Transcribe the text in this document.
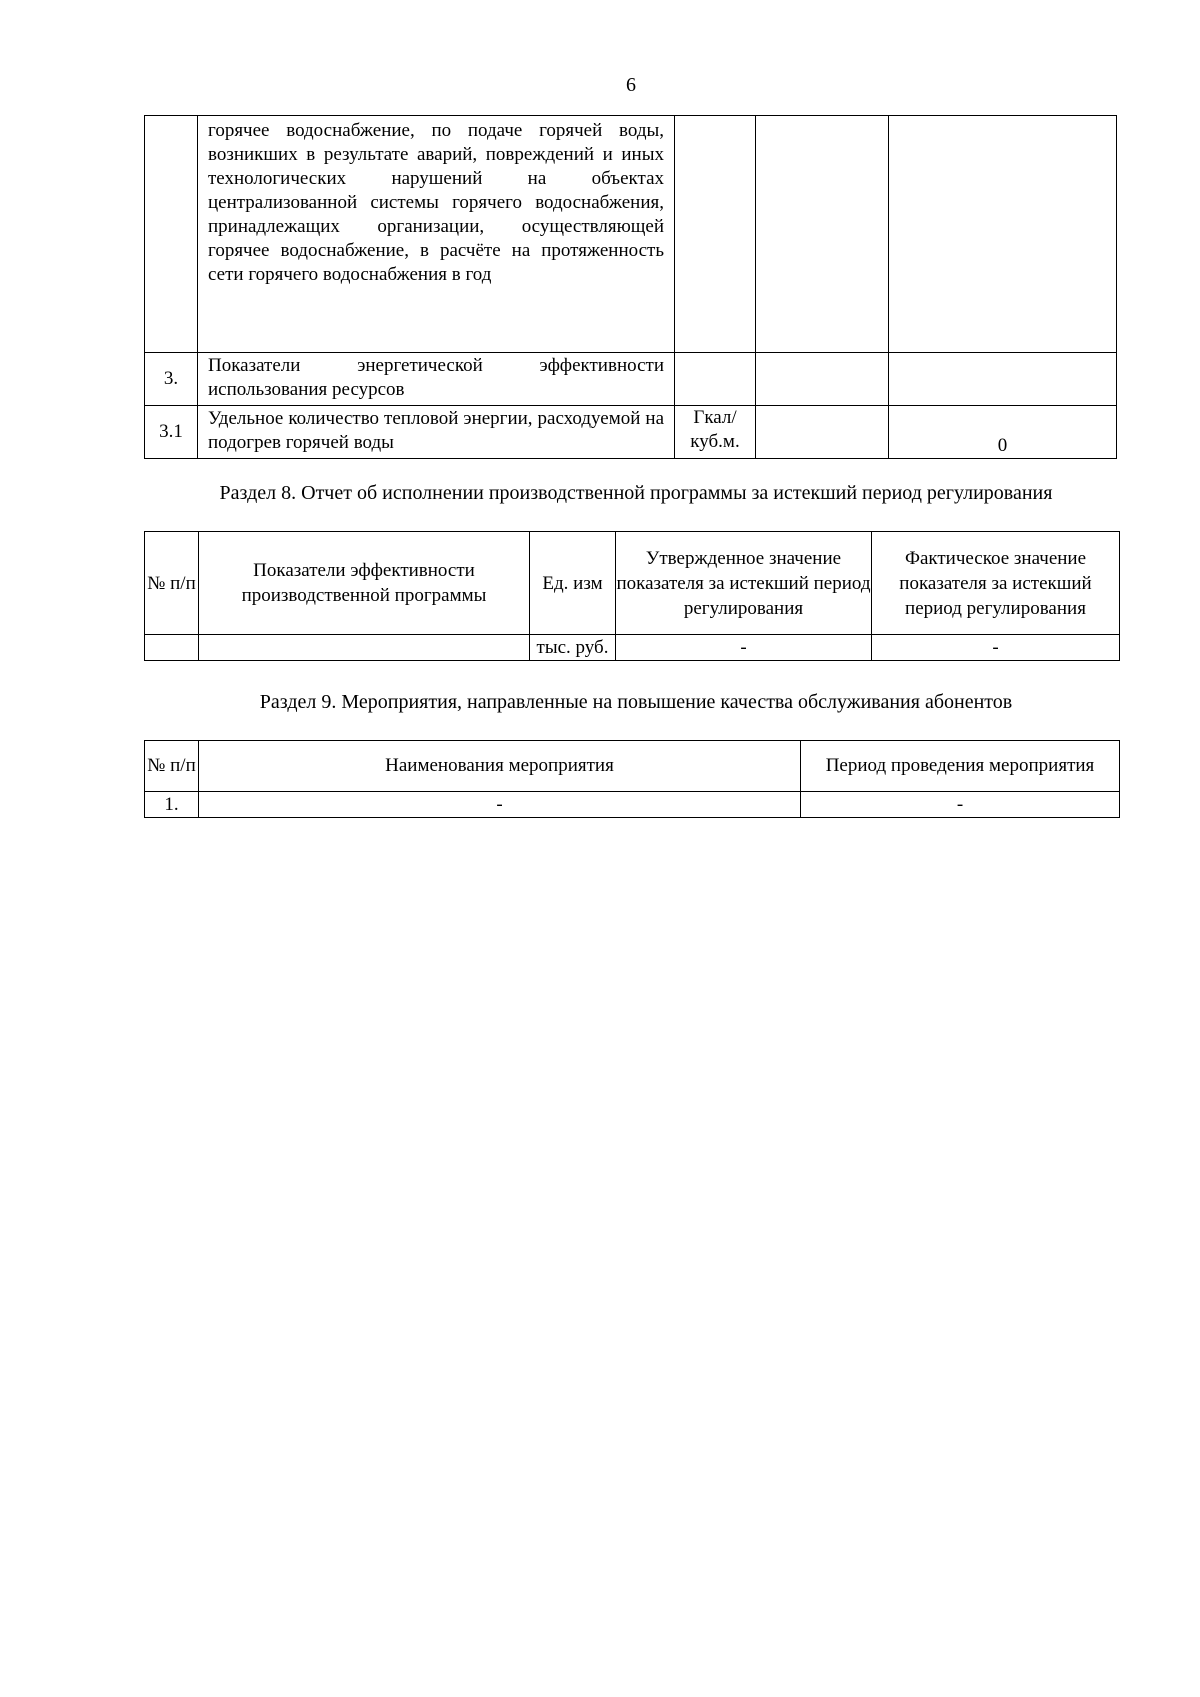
6
	горячее водоснабжение, по подаче горячей воды, возникших в результате аварий, повреждений и иных технологических нарушений на объектах централизованной системы горячего водоснабжения, принадлежащих организации, осуществляющей горячее водоснабжение, в расчёте на протяженность сети горячего водоснабжения в год			
3.	Показатели энергетической эффективности использования ресурсов			
3.1	Удельное количество тепловой энергии, расходуемой на подогрев горячей воды	Гкал/ куб.м.		0
Раздел 8. Отчет об исполнении производственной программы за истекший период регулирования
№ п/п	Показатели эффективности производственной программы	Ед. изм	Утвержденное значение показателя за истекший период регулирования	Фактическое значение показателя за истекший период регулирования
		тыс. руб.	-	-
Раздел 9. Мероприятия, направленные на повышение качества обслуживания абонентов
№ п/п	Наименования мероприятия	Период проведения мероприятия
1.	-	-
